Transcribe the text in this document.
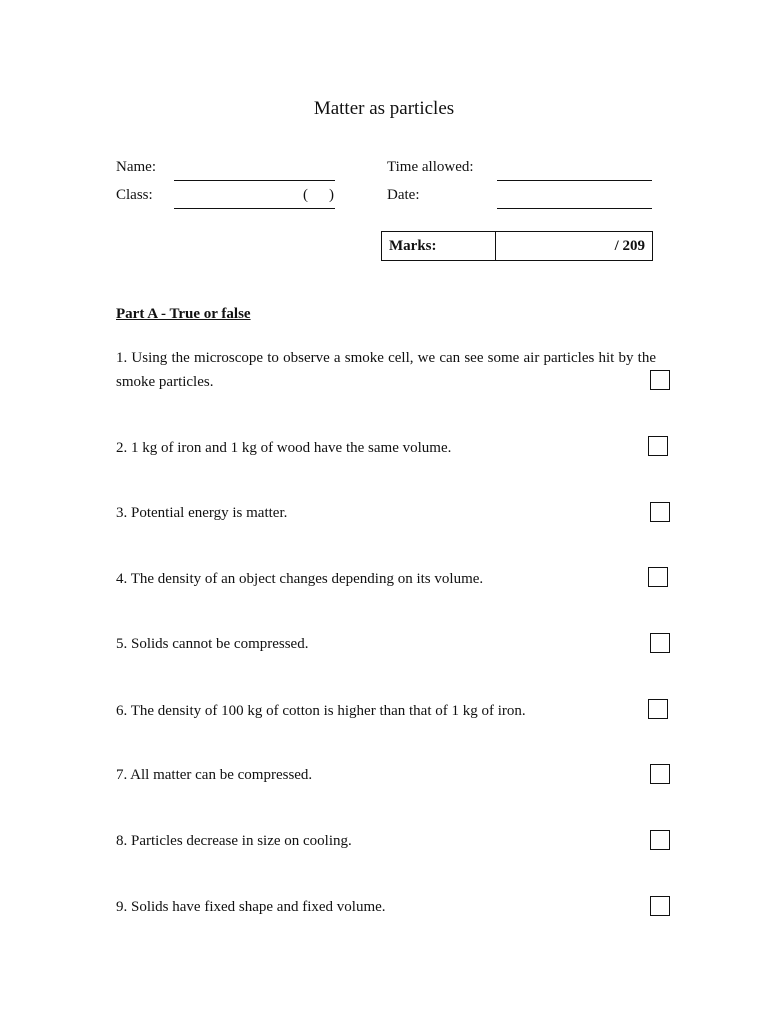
Matter as particles
Name:
Class:	( )
Time allowed:
Date:
Marks:	/ 209
Part A - True or false
1. Using the microscope to observe a smoke cell, we can see some air particles hit by the smoke particles.
2. 1 kg of iron and 1 kg of wood have the same volume.
3. Potential energy is matter.
4. The density of an object changes depending on its volume.
5. Solids cannot be compressed.
6. The density of 100 kg of cotton is higher than that of 1 kg of iron.
7. All matter can be compressed.
8. Particles decrease in size on cooling.
9. Solids have fixed shape and fixed volume.
